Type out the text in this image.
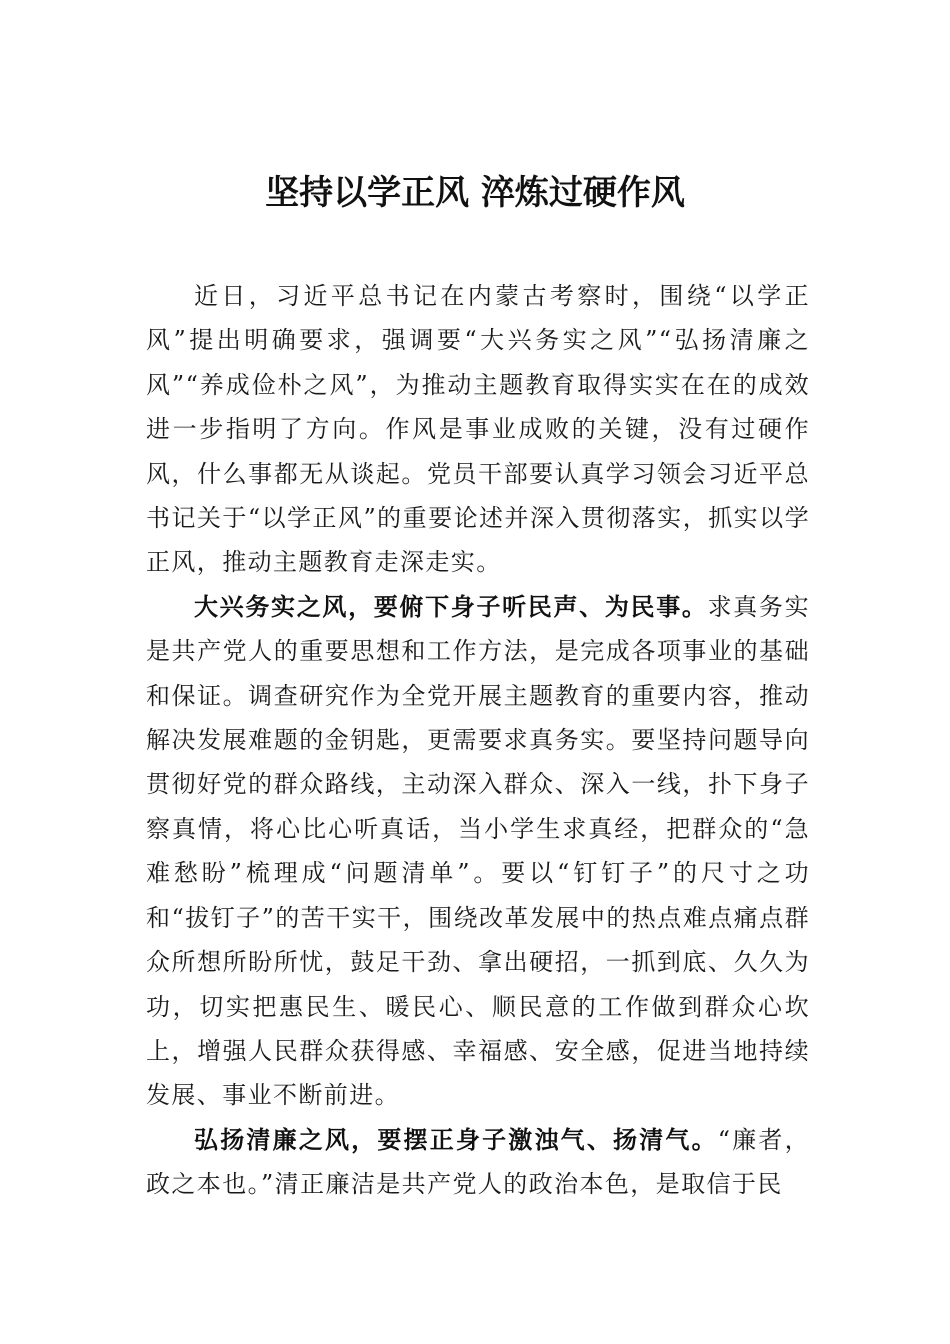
坚持以学正风 淬炼过硬作风

近日，习近平总书记在内蒙古考察时，围绕“以学正风”提出明确要求，强调要“大兴务实之风”“弘扬清廉之风”“养成俭朴之风”，为推动主题教育取得实实在在的成效进一步指明了方向。作风是事业成败的关键，没有过硬作风，什么事都无从谈起。党员干部要认真学习领会习近平总书记关于“以学正风”的重要论述并深入贯彻落实，抓实以学正风，推动主题教育走深走实。

大兴务实之风，要俯下身子听民声、为民事。求真务实是共产党人的重要思想和工作方法，是完成各项事业的基础和保证。调查研究作为全党开展主题教育的重要内容，推动解决发展难题的金钥匙，更需要求真务实。要坚持问题导向贯彻好党的群众路线，主动深入群众、深入一线，扑下身子察真情，将心比心听真话，当小学生求真经，把群众的“急难愁盼”梳理成“问题清单”。要以“钉钉子”的尺寸之功和“拔钉子”的苦干实干，围绕改革发展中的热点难点痛点群众所想所盼所忧，鼓足干劲、拿出硬招，一抓到底、久久为功，切实把惠民生、暖民心、顺民意的工作做到群众心坎上，增强人民群众获得感、幸福感、安全感，促进当地持续发展、事业不断前进。

弘扬清廉之风，要摆正身子激浊气、扬清气。“廉者，政之本也。”清正廉洁是共产党人的政治本色，是取信于民
